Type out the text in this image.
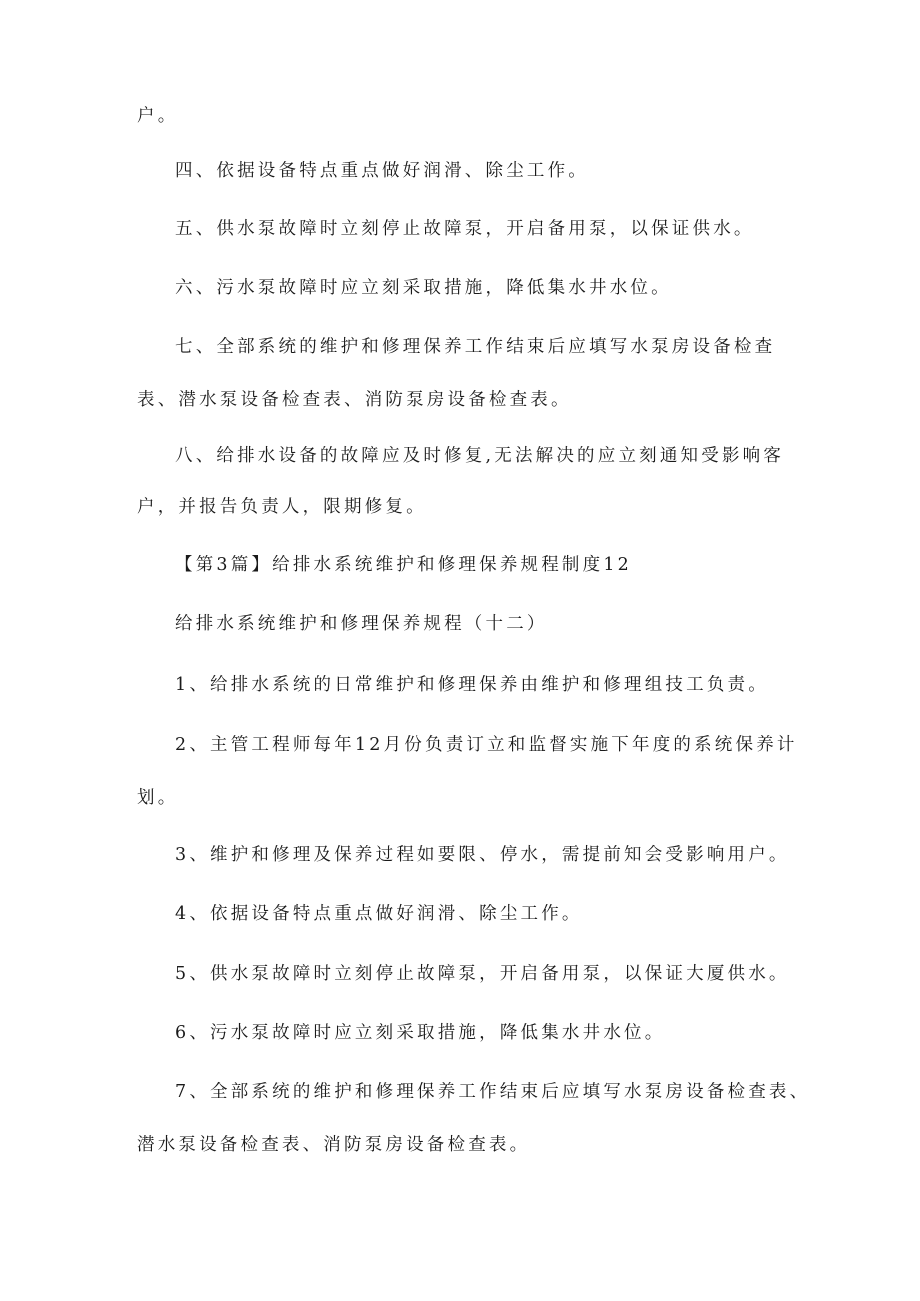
户。

四、依据设备特点重点做好润滑、除尘工作。

五、供水泵故障时立刻停止故障泵，开启备用泵，以保证供水。

六、污水泵故障时应立刻采取措施，降低集水井水位。

七、全部系统的维护和修理保养工作结束后应填写水泵房设备检查

表、潜水泵设备检查表、消防泵房设备检查表。

八、给排水设备的故障应及时修复,无法解决的应立刻通知受影响客

户，并报告负责人，限期修复。

【第3篇】给排水系统维护和修理保养规程制度12

给排水系统维护和修理保养规程（十二）

1、给排水系统的日常维护和修理保养由维护和修理组技工负责。

2、主管工程师每年12月份负责订立和监督实施下年度的系统保养计

划。

3、维护和修理及保养过程如要限、停水，需提前知会受影响用户。

4、依据设备特点重点做好润滑、除尘工作。

5、供水泵故障时立刻停止故障泵，开启备用泵，以保证大厦供水。

6、污水泵故障时应立刻采取措施，降低集水井水位。

7、全部系统的维护和修理保养工作结束后应填写水泵房设备检查表、

潜水泵设备检查表、消防泵房设备检查表。
